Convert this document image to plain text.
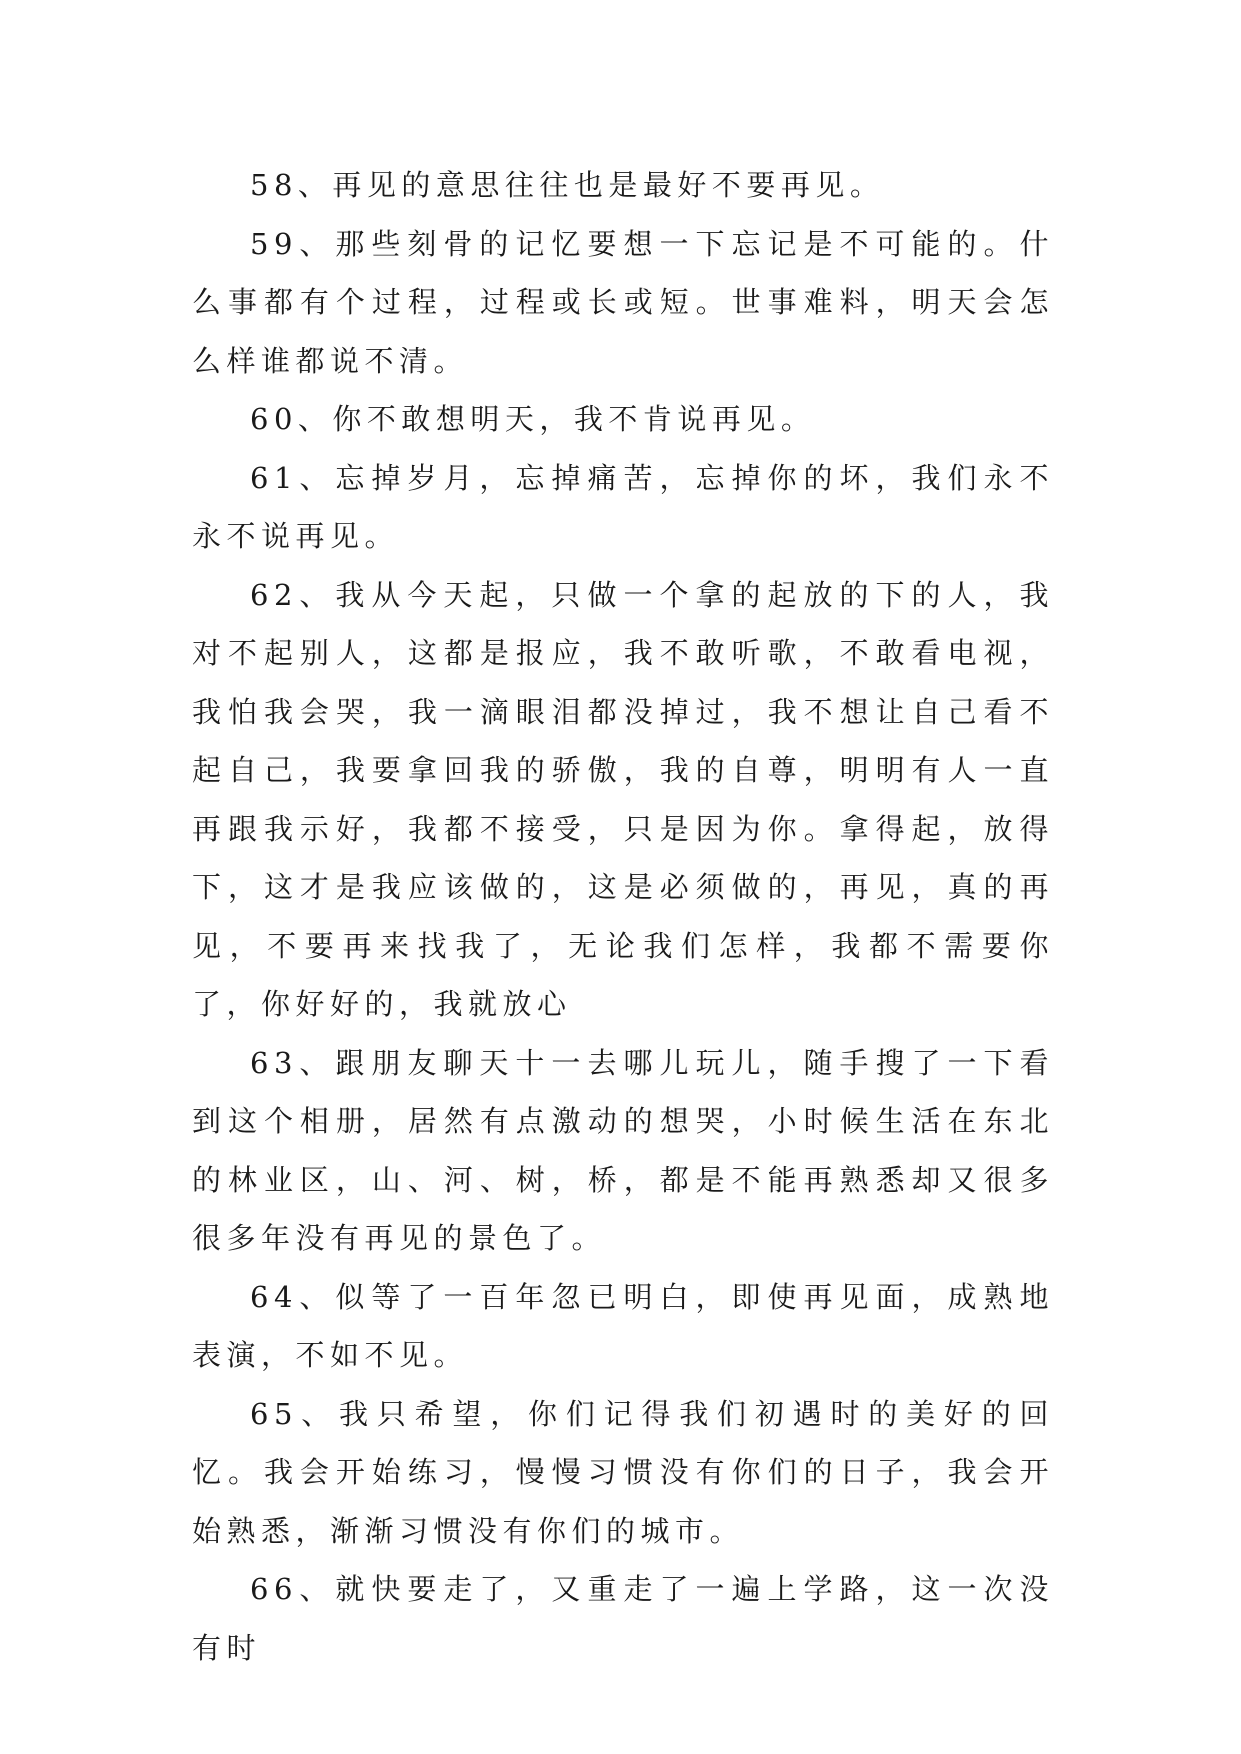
58、再见的意思往往也是最好不要再见。

59、那些刻骨的记忆要想一下忘记是不可能的。什么事都有个过程，过程或长或短。世事难料，明天会怎么样谁都说不清。

60、你不敢想明天，我不肯说再见。

61、忘掉岁月，忘掉痛苦，忘掉你的坏，我们永不永不说再见。

62、我从今天起，只做一个拿的起放的下的人，我对不起别人，这都是报应，我不敢听歌，不敢看电视，我怕我会哭，我一滴眼泪都没掉过，我不想让自己看不起自己，我要拿回我的骄傲，我的自尊，明明有人一直再跟我示好，我都不接受，只是因为你。拿得起，放得下，这才是我应该做的，这是必须做的，再见，真的再见，不要再来找我了，无论我们怎样，我都不需要你了，你好好的，我就放心

63、跟朋友聊天十一去哪儿玩儿，随手搜了一下看到这个相册，居然有点激动的想哭，小时候生活在东北的林业区，山、河、树，桥，都是不能再熟悉却又很多很多年没有再见的景色了。

64、似等了一百年忽已明白，即使再见面，成熟地表演，不如不见。

65、我只希望，你们记得我们初遇时的美好的回忆。我会开始练习，慢慢习惯没有你们的日子，我会开始熟悉，渐渐习惯没有你们的城市。

66、就快要走了，又重走了一遍上学路，这一次没有时
